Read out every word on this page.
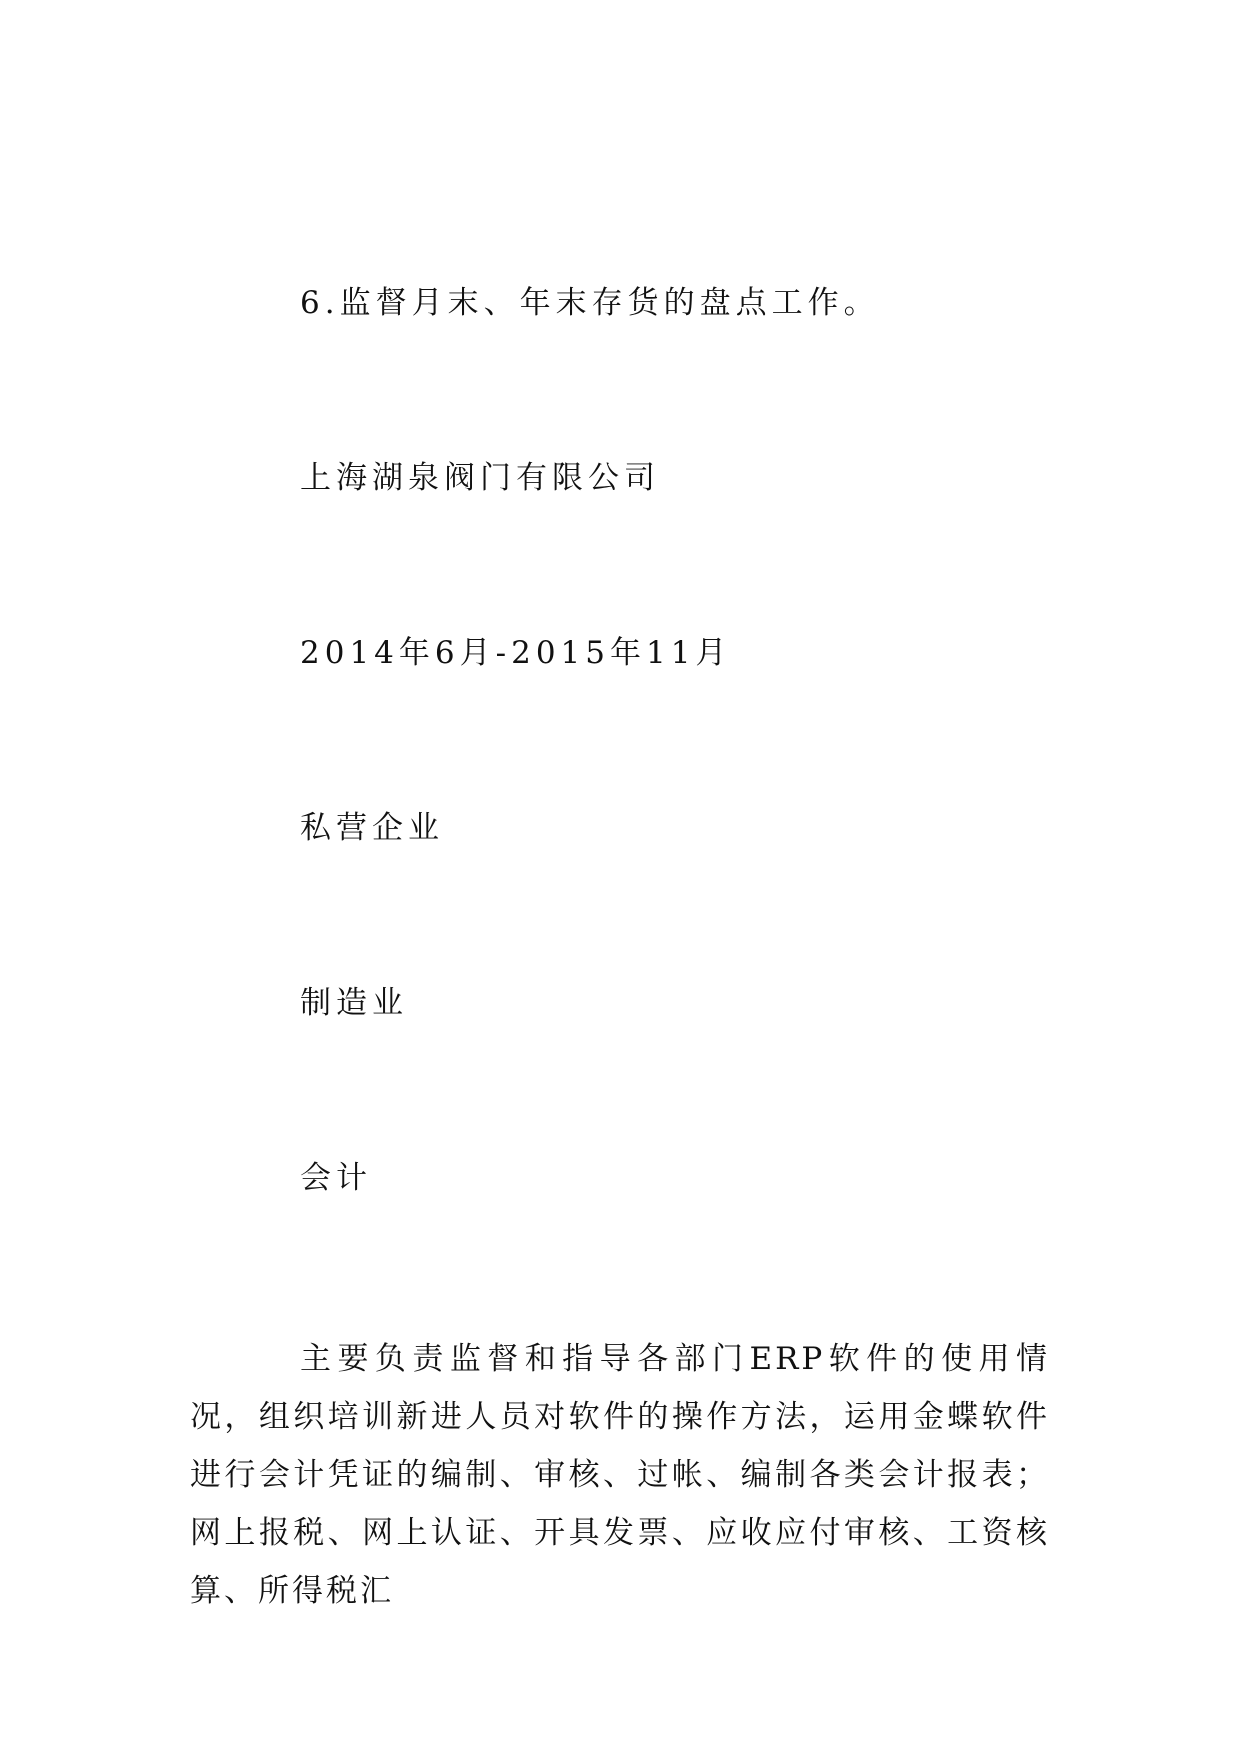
6.监督月末、年末存货的盘点工作。
上海湖泉阀门有限公司
2014年6月-2015年11月
私营企业
制造业
会计
主要负责监督和指导各部门ERP软件的使用情况，组织培训新进人员对软件的操作方法，运用金蝶软件进行会计凭证的编制、审核、过帐、编制各类会计报表；网上报税、网上认证、开具发票、应收应付审核、工资核算、所得税汇
